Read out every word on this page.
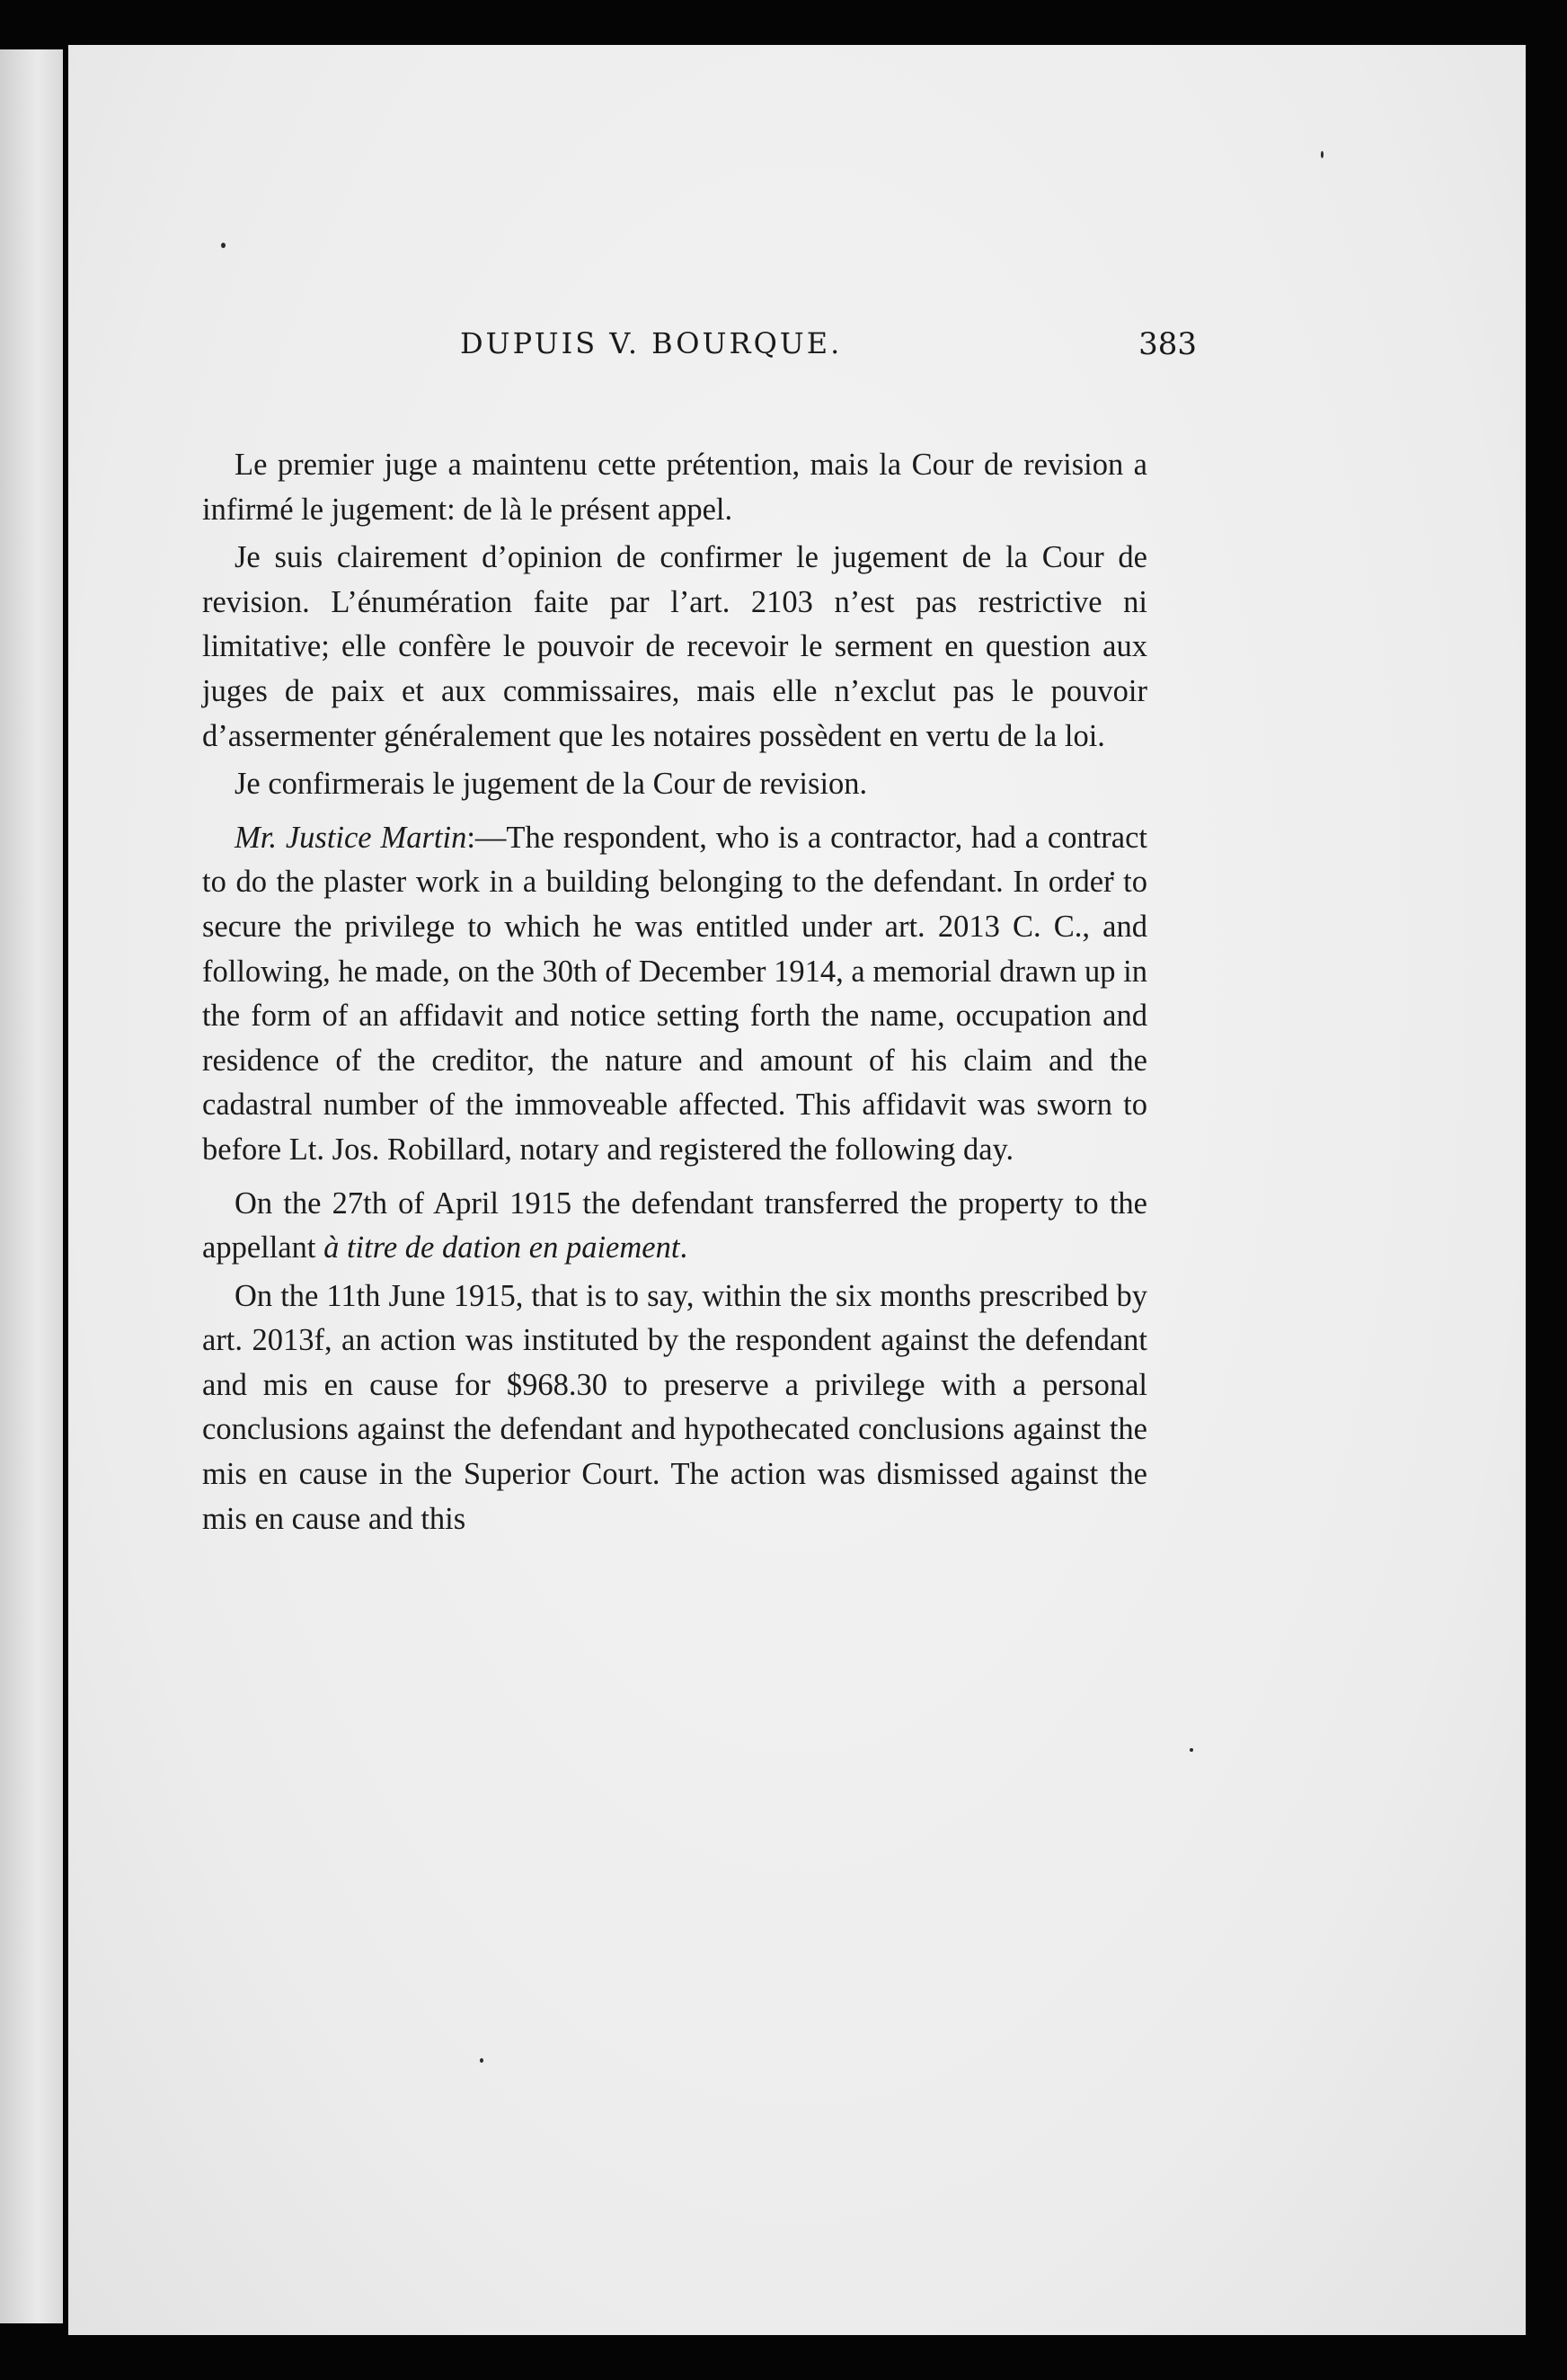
DUPUIS V. BOURQUE.	383

Le premier juge a maintenu cette prétention, mais la Cour de revision a infirmé le jugement: de là le présent appel.

Je suis clairement d’opinion de confirmer le jugement de la Cour de revision. L’énumération faite par l’art. 2103 n’est pas restrictive ni limitative; elle confère le pouvoir de recevoir le serment en question aux juges de paix et aux commissaires, mais elle n’exclut pas le pouvoir d’assermenter généralement que les notaires possèdent en vertu de la loi.

Je confirmerais le jugement de la Cour de revision.

Mr. Justice Martin:—The respondent, who is a contractor, had a contract to do the plaster work in a building belonging to the defendant. In order to secure the privilege to which he was entitled under art. 2013 C. C., and following, he made, on the 30th of December 1914, a memorial drawn up in the form of an affidavit and notice setting forth the name, occupation and residence of the creditor, the nature and amount of his claim and the cadastral number of the immoveable affected. This affidavit was sworn to before Lt. Jos. Robillard, notary and registered the following day.

On the 27th of April 1915 the defendant transferred the property to the appellant à titre de dation en paiement.

On the 11th June 1915, that is to say, within the six months prescribed by art. 2013f, an action was instituted by the respondent against the defendant and mis en cause for $968.30 to preserve a privilege with a personal conclusions against the defendant and hypothecated conclusions against the mis en cause in the Superior Court. The action was dismissed against the mis en cause and this
